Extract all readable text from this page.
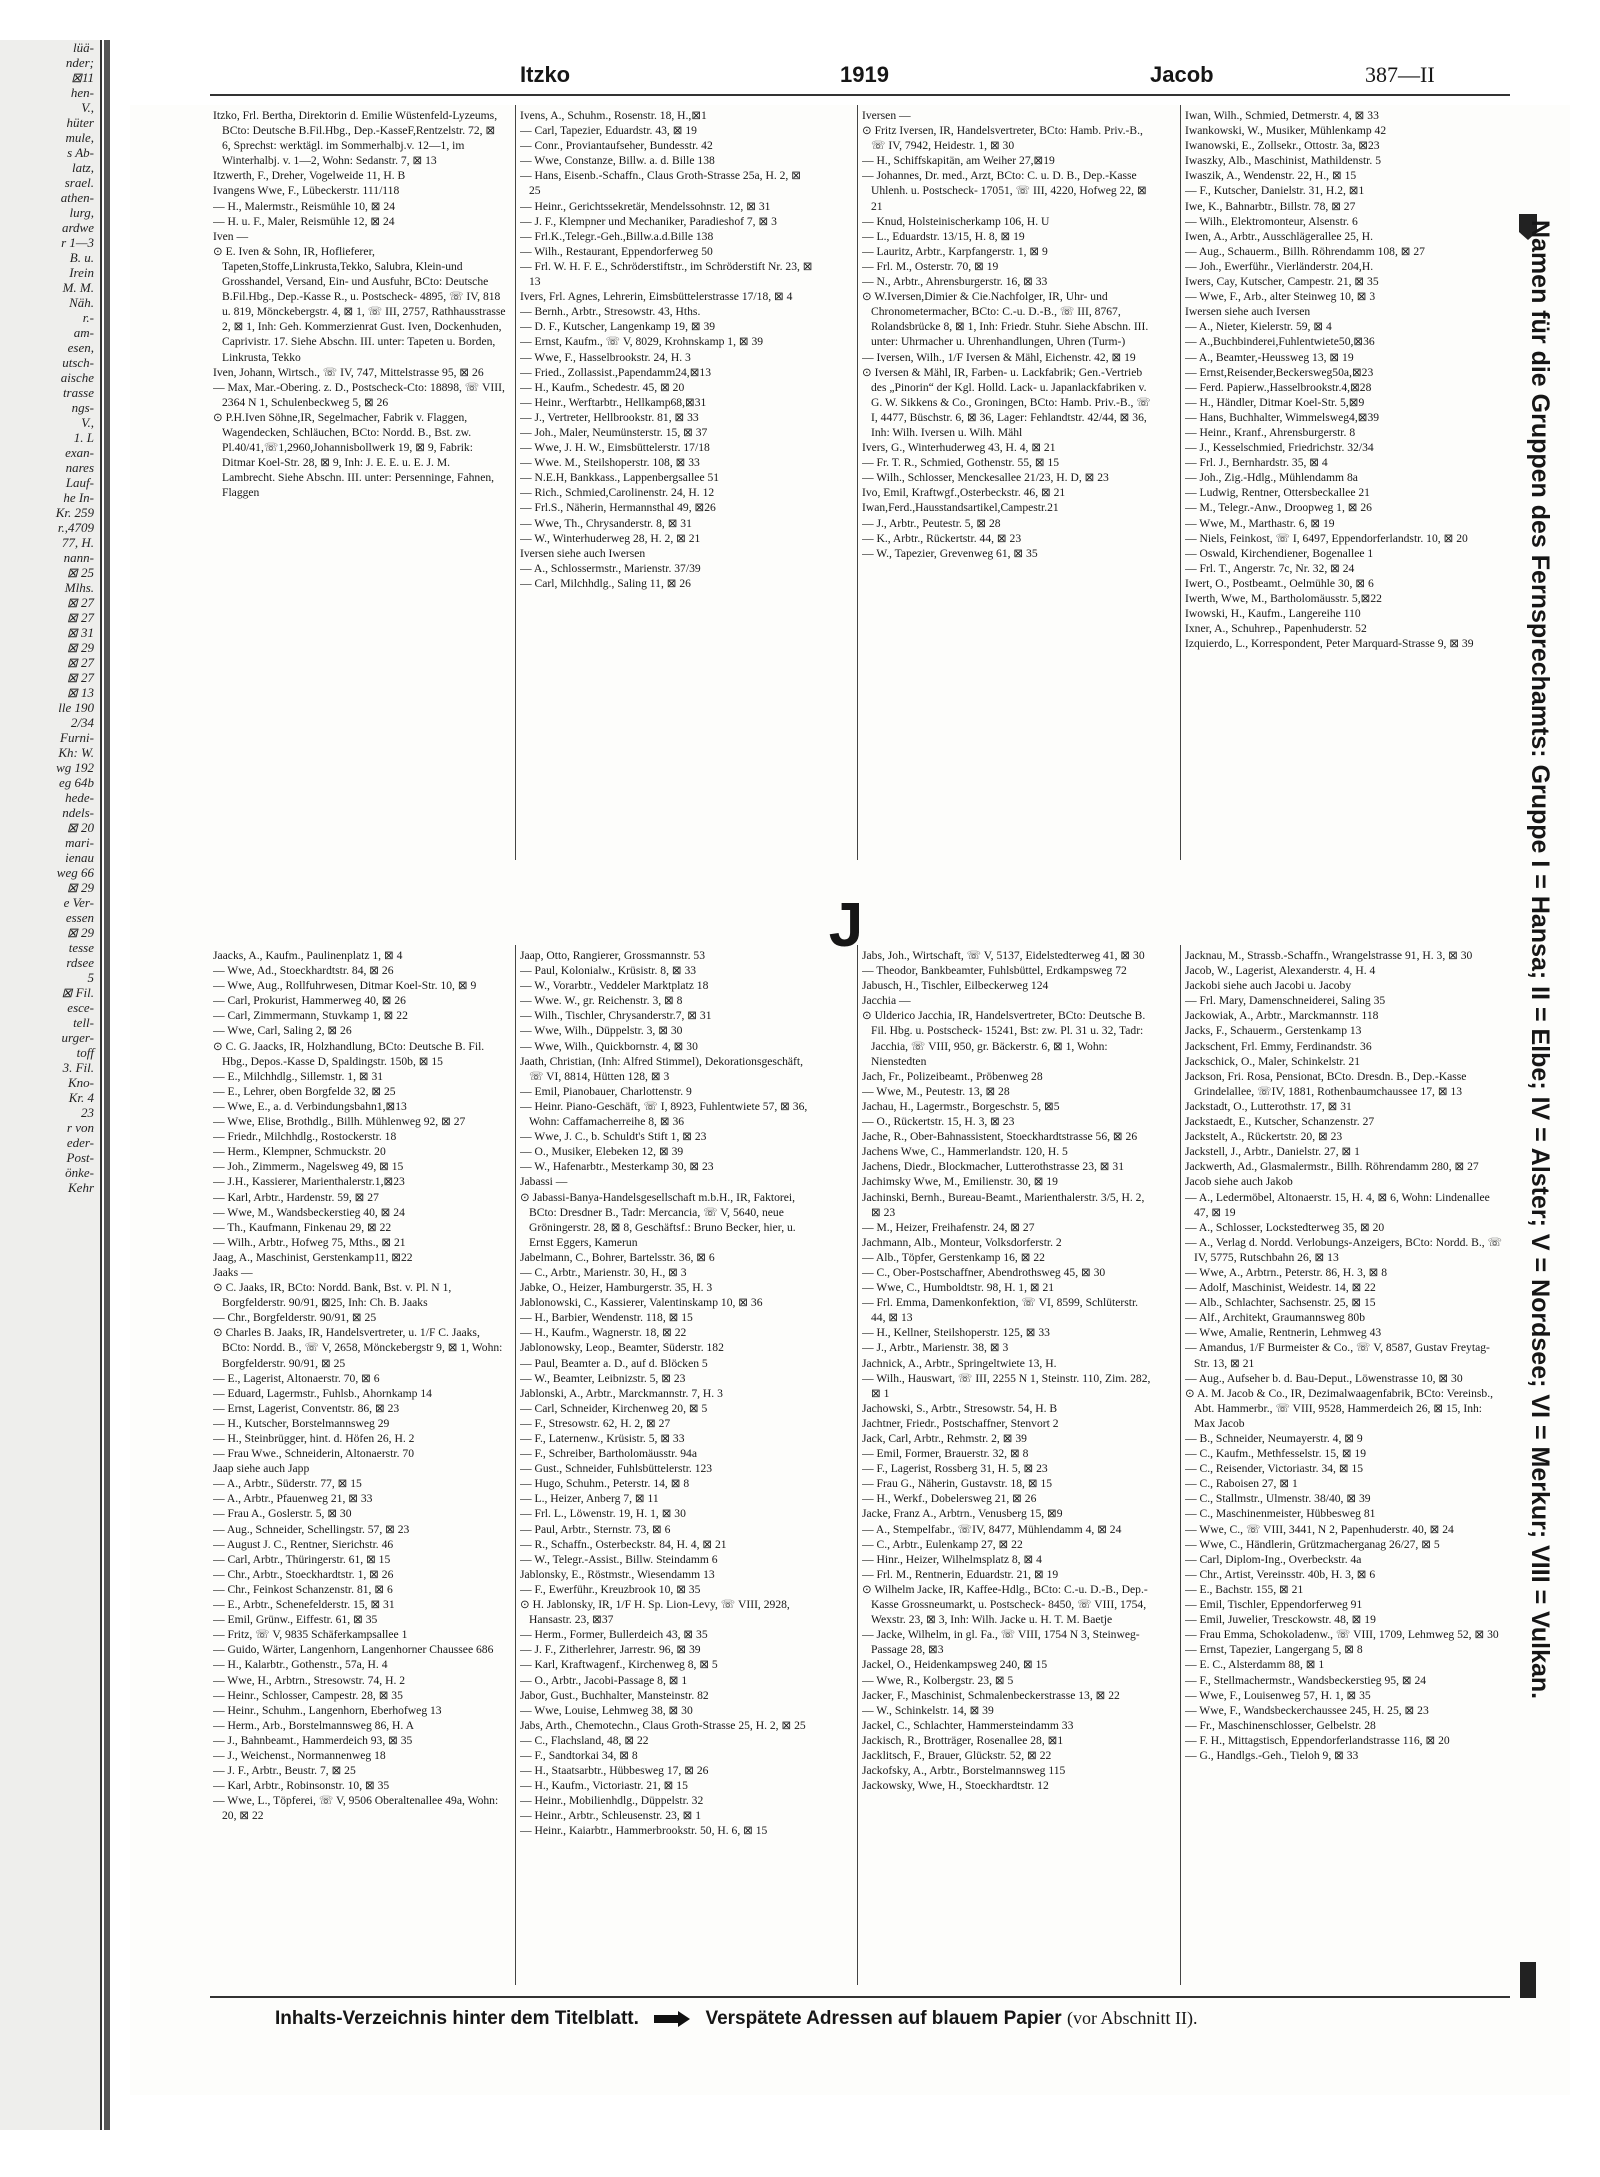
lüä-
nder;
⊠11
hen-
V.,
hüter
mule,
s Ab-
latz,
srael.
athen-
lurg,
ardwe
r 1—3
B. u.
Irein
M. M.
Näh.
r.-
am-
esen,
utsch-
aische
trasse
ngs-
V.,
1. L
exan-
nares
Lauf-
he In-
Kr. 259
r.,4709
77, H.
nann-
⊠ 25
Mlhs.
⊠ 27
⊠ 27
⊠ 31
⊠ 29
⊠ 27
⊠ 27
⊠ 13
lle 190
2/34
Furni-
Kh: W.
wg 192
eg 64b
hede-
ndels-
⊠ 20
mari-
ienau
weg 66
⊠ 29
e Ver-
essen
⊠ 29
tesse
rdsee
5
⊠ Fil.
esce-
tell-
urger-
toff
3. Fil.
Kno-
Kr. 4
23
r von
eder-
Post-
önke-
Kehr
Itzko	1919	Jacob	387—II
J

Itzko, Frl. Bertha, Direktorin d. Emilie Wüstenfeld-Lyzeums, BCto: Deutsche B.Fil.Hbg., Dep.-KasseF,Rentzelstr. 72, ⊠ 6, Sprechst: werktägl. im Sommerhalbj.v. 12—1, im Winterhalbj. v. 1—2, Wohn: Sedanstr. 7, ⊠ 13

Itzwerth, F., Dreher, Vogelweide 11, H. B

Ivangens Wwe, F., Lübeckerstr. 111/118

— H., Malermstr., Reismühle 10, ⊠ 24

— H. u. F., Maler, Reismühle 12, ⊠ 24

Iven —

⊙ E. Iven & Sohn, IR, Hoflieferer, Tapeten,Stoffe,Linkrusta,Tekko, Salubra, Klein-und Grosshandel, Versand, Ein- und Ausfuhr, BCto: Deutsche B.Fil.Hbg., Dep.-Kasse R., u. Postscheck- 4895, ☏ IV, 818 u. 819, Mönckebergstr. 4, ⊠ 1, ☏ III, 2757, Rathhausstrasse 2, ⊠ 1, Inh: Geh. Kommerzienrat Gust. Iven, Dockenhuden, Caprivistr. 17. Siehe Abschn. III. unter: Tapeten u. Borden, Linkrusta, Tekko

Iven, Johann, Wirtsch., ☏ IV, 747, Mittelstrasse 95, ⊠ 26

— Max, Mar.-Obering. z. D., Postscheck-Cto: 18898, ☏ VIII, 2364 N 1, Schulenbeckweg 5, ⊠ 26

⊙ P.H.Iven Söhne,IR, Segelmacher, Fabrik v. Flaggen, Wagendecken, Schläuchen, BCto: Nordd. B., Bst. zw. Pl.40/41,☏1,2960,Johannisbollwerk 19, ⊠ 9, Fabrik: Ditmar Koel-Str. 28, ⊠ 9, Inh: J. E. E. u. E. J. M. Lambrecht. Siehe Abschn. III. unter: Persenninge, Fahnen, Flaggen

Ivens, A., Schuhm., Rosenstr. 18, H.,⊠1

— Carl, Tapezier, Eduardstr. 43, ⊠ 19

— Conr., Proviantaufseher, Bundesstr. 42

— Wwe, Constanze, Billw. a. d. Bille 138

— Hans, Eisenb.-Schaffn., Claus Groth-Strasse 25a, H. 2, ⊠ 25

— Heinr., Gerichtssekretär, Mendelssohnstr. 12, ⊠ 31

— J. F., Klempner und Mechaniker, Paradieshof 7, ⊠ 3

— Frl.K.,Telegr.-Geh.,Billw.a.d.Bille 138

— Wilh., Restaurant, Eppendorferweg 50

— Frl. W. H. F. E., Schröderstiftstr., im Schröderstift Nr. 23, ⊠ 13

Ivers, Frl. Agnes, Lehrerin, Eimsbüttelerstrasse 17/18, ⊠ 4

— Bernh., Arbtr., Stresowstr. 43, Hths.

— D. F., Kutscher, Langenkamp 19, ⊠ 39

— Ernst, Kaufm., ☏ V, 8029, Krohnskamp 1, ⊠ 39

— Wwe, F., Hasselbrookstr. 24, H. 3

— Fried., Zollassist.,Papendamm24,⊠13

— H., Kaufm., Schedestr. 45, ⊠ 20

— Heinr., Werftarbtr., Hellkamp68,⊠31

— J., Vertreter, Hellbrookstr. 81, ⊠ 33

— Joh., Maler, Neumünsterstr. 15, ⊠ 37

— Wwe, J. H. W., Eimsbüttelerstr. 17/18

— Wwe. M., Steilshoperstr. 108, ⊠ 33

— N.E.H, Bankkass., Lappenbergsallee 51

— Rich., Schmied,Carolinenstr. 24, H. 12

— Frl.S., Näherin, Hermannsthal 49, ⊠26

— Wwe, Th., Chrysanderstr. 8, ⊠ 31

— W., Winterhuderweg 28, H. 2, ⊠ 21

Iversen siehe auch Iwersen

— A., Schlossermstr., Marienstr. 37/39

— Carl, Milchhdlg., Saling 11, ⊠ 26

Iversen —

⊙ Fritz Iversen, IR, Handelsvertreter, BCto: Hamb. Priv.-B., ☏ IV, 7942, Heidestr. 1, ⊠ 30

— H., Schiffskapitän, am Weiher 27,⊠19

— Johannes, Dr. med., Arzt, BCto: C. u. D. B., Dep.-Kasse Uhlenh. u. Postscheck- 17051, ☏ III, 4220, Hofweg 22, ⊠ 21

— Knud, Holsteinischerkamp 106, H. U

— L., Eduardstr. 13/15, H. 8, ⊠ 19

— Lauritz, Arbtr., Karpfangerstr. 1, ⊠ 9

— Frl. M., Osterstr. 70, ⊠ 19

— N., Arbtr., Ahrensburgerstr. 16, ⊠ 33

⊙ W.Iversen,Dimier & Cie.Nachfolger, IR, Uhr- und Chronometermacher, BCto: C.-u. D.-B., ☏ III, 8767, Rolandsbrücke 8, ⊠ 1, Inh: Friedr. Stuhr. Siehe Abschn. III. unter: Uhrmacher u. Uhrenhandlungen, Uhren (Turm-)

— Iversen, Wilh., 1/F Iversen & Mähl, Eichenstr. 42, ⊠ 19

⊙ Iversen & Mähl, IR, Farben- u. Lackfabrik; Gen.-Vertrieb des „Pinorin“ der Kgl. Holld. Lack- u. Japanlackfabriken v. G. W. Sikkens & Co., Groningen, BCto: Hamb. Priv.-B., ☏ I, 4477, Büschstr. 6, ⊠ 36, Lager: Fehlandtstr. 42/44, ⊠ 36, Inh: Wilh. Iversen u. Wilh. Mähl

Ivers, G., Winterhuderweg 43, H. 4, ⊠ 21

— Fr. T. R., Schmied, Gothenstr. 55, ⊠ 15

— Wilh., Schlosser, Menckesallee 21/23, H. D, ⊠ 23

Ivo, Emil, Kraftwgf.,Osterbeckstr. 46, ⊠ 21

Iwan,Ferd.,Hausstandsartikel,Campestr.21

— J., Arbtr., Peutestr. 5, ⊠ 28

— K., Arbtr., Rückertstr. 44, ⊠ 23

— W., Tapezier, Grevenweg 61, ⊠ 35

Iwan, Wilh., Schmied, Detmerstr. 4, ⊠ 33

Iwankowski, W., Musiker, Mühlenkamp 42

Iwanowski, E., Zollsekr., Ottostr. 3a, ⊠23

Iwaszky, Alb., Maschinist, Mathildenstr. 5

Iwaszik, A., Wendenstr. 22, H., ⊠ 15

— F., Kutscher, Danielstr. 31, H.2, ⊠1

Iwe, K., Bahnarbtr., Billstr. 78, ⊠ 27

— Wilh., Elektromonteur, Alsenstr. 6

Iwen, A., Arbtr., Ausschlägerallee 25, H.

— Aug., Schauerm., Billh. Röhrendamm 108, ⊠ 27

— Joh., Ewerführ., Vierländerstr. 204,H.

Iwers, Cay, Kutscher, Campestr. 21, ⊠ 35

— Wwe, F., Arb., alter Steinweg 10, ⊠ 3

Iwersen siehe auch Iversen

— A., Nieter, Kielerstr. 59, ⊠ 4

— A.,Buchbinderei,Fuhlentwiete50,⊠36

— A., Beamter,-Heussweg 13, ⊠ 19

— Ernst,Reisender,Beckersweg50a,⊠23

— Ferd. Papierw.,Hasselbrookstr.4,⊠28

— H., Händler, Ditmar Koel-Str. 5,⊠9

— Hans, Buchhalter, Wimmelsweg4,⊠39

— Heinr., Kranf., Ahrensburgerstr. 8

— J., Kesselschmied, Friedrichstr. 32/34

— Frl. J., Bernhardstr. 35, ⊠ 4

— Joh., Zig.-Hdlg., Mühlendamm 8a

— Ludwig, Rentner, Ottersbeckallee 21

— M., Telegr.-Anw., Droopweg 1, ⊠ 26

— Wwe, M., Marthastr. 6, ⊠ 19

— Niels, Feinkost, ☏ I, 6497, Eppendorferlandstr. 10, ⊠ 20

— Oswald, Kirchendiener, Bogenallee 1

— Frl. T., Angerstr. 7c, Nr. 32, ⊠ 24

Iwert, O., Postbeamt., Oelmühle 30, ⊠ 6

Iwerth, Wwe, M., Bartholomäusstr. 5,⊠22

Iwowski, H., Kaufm., Langereihe 110

Ixner, A., Schuhrep., Papenhuderstr. 52

Izquierdo, L., Korrespondent, Peter Marquard-Strasse 9, ⊠ 39

Jaacks, A., Kaufm., Paulinenplatz 1, ⊠ 4

— Wwe, Ad., Stoeckhardtstr. 84, ⊠ 26

— Wwe, Aug., Rollfuhrwesen, Ditmar Koel-Str. 10, ⊠ 9

— Carl, Prokurist, Hammerweg 40, ⊠ 26

— Carl, Zimmermann, Stuvkamp 1, ⊠ 22

— Wwe, Carl, Saling 2, ⊠ 26

⊙ C. G. Jaacks, IR, Holzhandlung, BCto: Deutsche B. Fil. Hbg., Depos.-Kasse D, Spaldingstr. 150b, ⊠ 15

— E., Milchhdlg., Sillemstr. 1, ⊠ 31

— E., Lehrer, oben Borgfelde 32, ⊠ 25

— Wwe, E., a. d. Verbindungsbahn1,⊠13

— Wwe, Elise, Brothdlg., Billh. Mühlenweg 92, ⊠ 27

— Friedr., Milchhdlg., Rostockerstr. 18

— Herm., Klempner, Schmuckstr. 20

— Joh., Zimmerm., Nagelsweg 49, ⊠ 15

— J.H., Kassierer, Marienthalerstr.1,⊠23

— Karl, Arbtr., Hardenstr. 59, ⊠ 27

— Wwe, M., Wandsbeckerstieg 40, ⊠ 24

— Th., Kaufmann, Finkenau 29, ⊠ 22

— Wilh., Arbtr., Hofweg 75, Mths., ⊠ 21

Jaag, A., Maschinist, Gerstenkamp11, ⊠22

Jaaks —

⊙ C. Jaaks, IR, BCto: Nordd. Bank, Bst. v. Pl. N 1, Borgfelderstr. 90/91, ⊠25, Inh: Ch. B. Jaaks

— Chr., Borgfelderstr. 90/91, ⊠ 25

⊙ Charles B. Jaaks, IR, Handelsvertreter, u. 1/F C. Jaaks, BCto: Nordd. B., ☏ V, 2658, Mönckebergstr 9, ⊠ 1, Wohn: Borgfelderstr. 90/91, ⊠ 25

— E., Lagerist, Altonaerstr. 70, ⊠ 6

— Eduard, Lagermstr., Fuhlsb., Ahornkamp 14

— Ernst, Lagerist, Conventstr. 86, ⊠ 23

— H., Kutscher, Borstelmannsweg 29

— H., Steinbrügger, hint. d. Höfen 26, H. 2

— Frau Wwe., Schneiderin, Altonaerstr. 70

Jaap siehe auch Japp

— A., Arbtr., Süderstr. 77, ⊠ 15

— A., Arbtr., Pfauenweg 21, ⊠ 33

— Frau A., Goslerstr. 5, ⊠ 30

— Aug., Schneider, Schellingstr. 57, ⊠ 23

— August J. C., Rentner, Sierichstr. 46

— Carl, Arbtr., Thüringerstr. 61, ⊠ 15

— Chr., Arbtr., Stoeckhardtstr. 1, ⊠ 26

— Chr., Feinkost Schanzenstr. 81, ⊠ 6

— E., Arbtr., Schenefelderstr. 15, ⊠ 31

— Emil, Grünw., Eiffestr. 61, ⊠ 35

— Fritz, ☏ V, 9835 Schäferkampsallee 1

— Guido, Wärter, Langenhorn, Langenhorner Chaussee 686

— H., Kalarbtr., Gothenstr., 57a, H. 4

— Wwe, H., Arbtrn., Stresowstr. 74, H. 2

— Heinr., Schlosser, Campestr. 28, ⊠ 35

— Heinr., Schuhm., Langenhorn, Eberhofweg 13

— Herm., Arb., Borstelmannsweg 86, H. A

— J., Bahnbeamt., Hammerdeich 93, ⊠ 35

— J., Weichenst., Normannenweg 18

— J. F., Arbtr., Beustr. 7, ⊠ 25

— Karl, Arbtr., Robinsonstr. 10, ⊠ 35

— Wwe, L., Töpferei, ☏ V, 9506 Oberaltenallee 49a, Wohn: 20, ⊠ 22

Jaap, Otto, Rangierer, Grossmannstr. 53

— Paul, Kolonialw., Krüsistr. 8, ⊠ 33

— W., Vorarbtr., Veddeler Marktplatz 18

— Wwe. W., gr. Reichenstr. 3, ⊠ 8

— Wilh., Tischler, Chrysanderstr.7, ⊠ 31

— Wwe, Wilh., Düppelstr. 3, ⊠ 30

— Wwe, Wilh., Quickbornstr. 4, ⊠ 30

Jaath, Christian, (Inh: Alfred Stimmel), Dekorationsgeschäft, ☏ VI, 8814, Hütten 128, ⊠ 3

— Emil, Pianobauer, Charlottenstr. 9

— Heinr. Piano-Geschäft, ☏ I, 8923, Fuhlentwiete 57, ⊠ 36, Wohn: Caffamacherreihe 8, ⊠ 36

— Wwe, J. C., b. Schuldt's Stift 1, ⊠ 23

— O., Musiker, Elebeken 12, ⊠ 39

— W., Hafenarbtr., Mesterkamp 30, ⊠ 23

Jabassi —

⊙ Jabassi-Banya-Handelsgesellschaft m.b.H., IR, Faktorei, BCto: Dresdner B., Tadr: Mercancia, ☏ V, 5640, neue Gröningerstr. 28, ⊠ 8, Geschäftsf.: Bruno Becker, hier, u. Ernst Eggers, Kamerun

Jabelmann, C., Bohrer, Bartelsstr. 36, ⊠ 6

— C., Arbtr., Marienstr. 30, H., ⊠ 3

Jabke, O., Heizer, Hamburgerstr. 35, H. 3

Jablonowski, C., Kassierer, Valentinskamp 10, ⊠ 36

— H., Barbier, Wendenstr. 118, ⊠ 15

— H., Kaufm., Wagnerstr. 18, ⊠ 22

Jablonowsky, Leop., Beamter, Süderstr. 182

— Paul, Beamter a. D., auf d. Blöcken 5

— W., Beamter, Leibnizstr. 5, ⊠ 23

Jablonski, A., Arbtr., Marckmannstr. 7, H. 3

— Carl, Schneider, Kirchenweg 20, ⊠ 5

— F., Stresowstr. 62, H. 2, ⊠ 27

— F., Laternenw., Krüsistr. 5, ⊠ 33

— F., Schreiber, Bartholomäusstr. 94a

— Gust., Schneider, Fuhlsbüttelerstr. 123

— Hugo, Schuhm., Peterstr. 14, ⊠ 8

— L., Heizer, Anberg 7, ⊠ 11

— Frl. L., Löwenstr. 19, H. 1, ⊠ 30

— Paul, Arbtr., Sternstr. 73, ⊠ 6

— R., Schaffn., Osterbeckstr. 84, H. 4, ⊠ 21

— W., Telegr.-Assist., Billw. Steindamm 6

Jablonsky, E., Röstmstr., Wiesendamm 13

— F., Ewerführ., Kreuzbrook 10, ⊠ 35

⊙ H. Jablonsky, IR, 1/F H. Sp. Lion-Levy, ☏ VIII, 2928, Hansastr. 23, ⊠37

— Herm., Former, Bullerdeich 43, ⊠ 35

— J. F., Zitherlehrer, Jarrestr. 96, ⊠ 39

— Karl, Kraftwagenf., Kirchenweg 8, ⊠ 5

— O., Arbtr., Jacobi-Passage 8, ⊠ 1

Jabor, Gust., Buchhalter, Mansteinstr. 82

— Wwe, Louise, Lehmweg 38, ⊠ 30

Jabs, Arth., Chemotechn., Claus Groth-Strasse 25, H. 2, ⊠ 25

— C., Flachsland, 48, ⊠ 22

— F., Sandtorkai 34, ⊠ 8

— H., Staatsarbtr., Hübbesweg 17, ⊠ 26

— H., Kaufm., Victoriastr. 21, ⊠ 15

— Heinr., Mobilienhdlg., Düppelstr. 32

— Heinr., Arbtr., Schleusenstr. 23, ⊠ 1

— Heinr., Kaiarbtr., Hammerbrookstr. 50, H. 6, ⊠ 15

Jabs, Joh., Wirtschaft, ☏ V, 5137, Eidelstedterweg 41, ⊠ 30

— Theodor, Bankbeamter, Fuhlsbüttel, Erdkampsweg 72

Jabusch, H., Tischler, Eilbeckerweg 124

Jacchia —

⊙ Ulderico Jacchia, IR, Handelsvertreter, BCto: Deutsche B. Fil. Hbg. u. Postscheck- 15241, Bst: zw. Pl. 31 u. 32, Tadr: Jacchia, ☏ VIII, 950, gr. Bäckerstr. 6, ⊠ 1, Wohn: Nienstedten

Jach, Fr., Polizeibeamt., Pröbenweg 28

— Wwe, M., Peutestr. 13, ⊠ 28

Jachau, H., Lagermstr., Borgeschstr. 5, ⊠5

— O., Rückertstr. 15, H. 3, ⊠ 23

Jache, R., Ober-Bahnassistent, Stoeckhardtstrasse 56, ⊠ 26

Jachens Wwe, C., Hammerlandstr. 120, H. 5

Jachens, Diedr., Blockmacher, Lutterothstrasse 23, ⊠ 31

Jachimsky Wwe, M., Emilienstr. 30, ⊠ 19

Jachinski, Bernh., Bureau-Beamt., Marienthalerstr. 3/5, H. 2, ⊠ 23

— M., Heizer, Freihafenstr. 24, ⊠ 27

Jachmann, Alb., Monteur, Volksdorferstr. 2

— Alb., Töpfer, Gerstenkamp 16, ⊠ 22

— C., Ober-Postschaffner, Abendrothsweg 45, ⊠ 30

— Wwe, C., Humboldtstr. 98, H. 1, ⊠ 21

— Frl. Emma, Damenkonfektion, ☏ VI, 8599, Schlüterstr. 44, ⊠ 13

— H., Kellner, Steilshoperstr. 125, ⊠ 33

— J., Arbtr., Marienstr. 38, ⊠ 3

Jachnick, A., Arbtr., Springeltwiete 13, H.

— Wilh., Hauswart, ☏ III, 2255 N 1, Steinstr. 110, Zim. 282, ⊠ 1

Jachowski, S., Arbtr., Stresowstr. 54, H. B

Jachtner, Friedr., Postschaffner, Stenvort 2

Jack, Carl, Arbtr., Rehmstr. 2, ⊠ 39

— Emil, Former, Brauerstr. 32, ⊠ 8

— F., Lagerist, Rossberg 31, H. 5, ⊠ 23

— Frau G., Näherin, Gustavstr. 18, ⊠ 15

— H., Werkf., Dobelersweg 21, ⊠ 26

Jacke, Franz A., Arbtrn., Venusberg 15, ⊠9

— A., Stempelfabr., ☏IV, 8477, Mühlendamm 4, ⊠ 24

— C., Arbtr., Eulenkamp 27, ⊠ 22

— Hinr., Heizer, Wilhelmsplatz 8, ⊠ 4

— Frl. M., Rentnerin, Eduardstr. 21, ⊠ 19

⊙ Wilhelm Jacke, IR, Kaffee-Hdlg., BCto: C.-u. D.-B., Dep.-Kasse Grossneumarkt, u. Postscheck- 8450, ☏ VIII, 1754, Wexstr. 23, ⊠ 3, Inh: Wilh. Jacke u. H. T. M. Baetje

— Jacke, Wilhelm, in gl. Fa., ☏ VIII, 1754 N 3, Steinweg-Passage 28, ⊠3

Jackel, O., Heidenkampsweg 240, ⊠ 15

— Wwe, R., Kolbergstr. 23, ⊠ 5

Jacker, F., Maschinist, Schmalenbeckerstrasse 13, ⊠ 22

— W., Schinkelstr. 14, ⊠ 39

Jackel, C., Schlachter, Hammersteindamm 33

Jackisch, R., Brotträger, Rosenallee 28, ⊠1

Jacklitsch, F., Brauer, Glückstr. 52, ⊠ 22

Jackofsky, A., Arbtr., Borstelmannsweg 115

Jackowsky, Wwe, H., Stoeckhardtstr. 12

Jacknau, M., Strassb.-Schaffn., Wrangelstrasse 91, H. 3, ⊠ 30

Jacob, W., Lagerist, Alexanderstr. 4, H. 4

Jackobi siehe auch Jacobi u. Jacoby

— Frl. Mary, Damenschneiderei, Saling 35

Jackowiak, A., Arbtr., Marckmannstr. 118

Jacks, F., Schauerm., Gerstenkamp 13

Jackschent, Frl. Emmy, Ferdinandstr. 36

Jackschick, O., Maler, Schinkelstr. 21

Jackson, Fri. Rosa, Pensionat, BCto. Dresdn. B., Dep.-Kasse Grindelallee, ☏IV, 1881, Rothenbaumchaussee 17, ⊠ 13

Jackstadt, O., Lutterothstr. 17, ⊠ 31

Jackstaedt, E., Kutscher, Schanzenstr. 27

Jackstelt, A., Rückertstr. 20, ⊠ 23

Jackstell, J., Arbtr., Danielstr. 27, ⊠ 1

Jackwerth, Ad., Glasmalermstr., Billh. Röhrendamm 280, ⊠ 27

Jacob siehe auch Jakob

— A., Ledermöbel, Altonaerstr. 15, H. 4, ⊠ 6, Wohn: Lindenallee 47, ⊠ 19

— A., Schlosser, Lockstedterweg 35, ⊠ 20

— A., Verlag d. Nordd. Verlobungs-Anzeigers, BCto: Nordd. B., ☏ IV, 5775, Rutschbahn 26, ⊠ 13

— Wwe, A., Arbtrn., Peterstr. 86, H. 3, ⊠ 8

— Adolf, Maschinist, Weidestr. 14, ⊠ 22

— Alb., Schlachter, Sachsenstr. 25, ⊠ 15

— Alf., Architekt, Graumannsweg 80b

— Wwe, Amalie, Rentnerin, Lehmweg 43

— Amandus, 1/F Burmeister & Co., ☏ V, 8587, Gustav Freytag-Str. 13, ⊠ 21

— Aug., Aufseher b. d. Bau-Deput., Löwenstrasse 10, ⊠ 30

⊙ A. M. Jacob & Co., IR, Dezimalwaagenfabrik, BCto: Vereinsb., Abt. Hammerbr., ☏ VIII, 9528, Hammerdeich 26, ⊠ 15, Inh: Max Jacob

— B., Schneider, Neumayerstr. 4, ⊠ 9

— C., Kaufm., Methfesselstr. 15, ⊠ 19

— C., Reisender, Victoriastr. 34, ⊠ 15

— C., Raboisen 27, ⊠ 1

— C., Stallmstr., Ulmenstr. 38/40, ⊠ 39

— C., Maschinenmeister, Hübbesweg 81

— Wwe, C., ☏ VIII, 3441, N 2, Papenhuderstr. 40, ⊠ 24

— Wwe, C., Händlerin, Grützmacherganag 26/27, ⊠ 5

— Carl, Diplom-Ing., Overbeckstr. 4a

— Chr., Artist, Vereinsstr. 40b, H. 3, ⊠ 6

— E., Bachstr. 155, ⊠ 21

— Emil, Tischler, Eppendorferweg 91

— Emil, Juwelier, Tresckowstr. 48, ⊠ 19

— Frau Emma, Schokoladenw., ☏ VIII, 1709, Lehmweg 52, ⊠ 30

— Ernst, Tapezier, Langergang 5, ⊠ 8

— E. C., Alsterdamm 88, ⊠ 1

— F., Stellmachermstr., Wandsbeckerstieg 95, ⊠ 24

— Wwe, F., Louisenweg 57, H. 1, ⊠ 35

— Wwe, F., Wandsbeckerchaussee 245, H. 25, ⊠ 23

— Fr., Maschinenschlosser, Gelbelstr. 28

— F. H., Mittagstisch, Eppendorferlandstrasse 116, ⊠ 20

— G., Handlgs.-Geh., Tieloh 9, ⊠ 33

Namen für die Gruppen des Fernsprechamts: Gruppe I = Hansa; II = Elbe; IV = Alster; V = Nordsee; VI = Merkur; VIII = Vulkan.
Inhalts-Verzeichnis hinter dem Titelblatt.	Verspätete Adressen auf blauem Papier (vor Abschnitt II).
